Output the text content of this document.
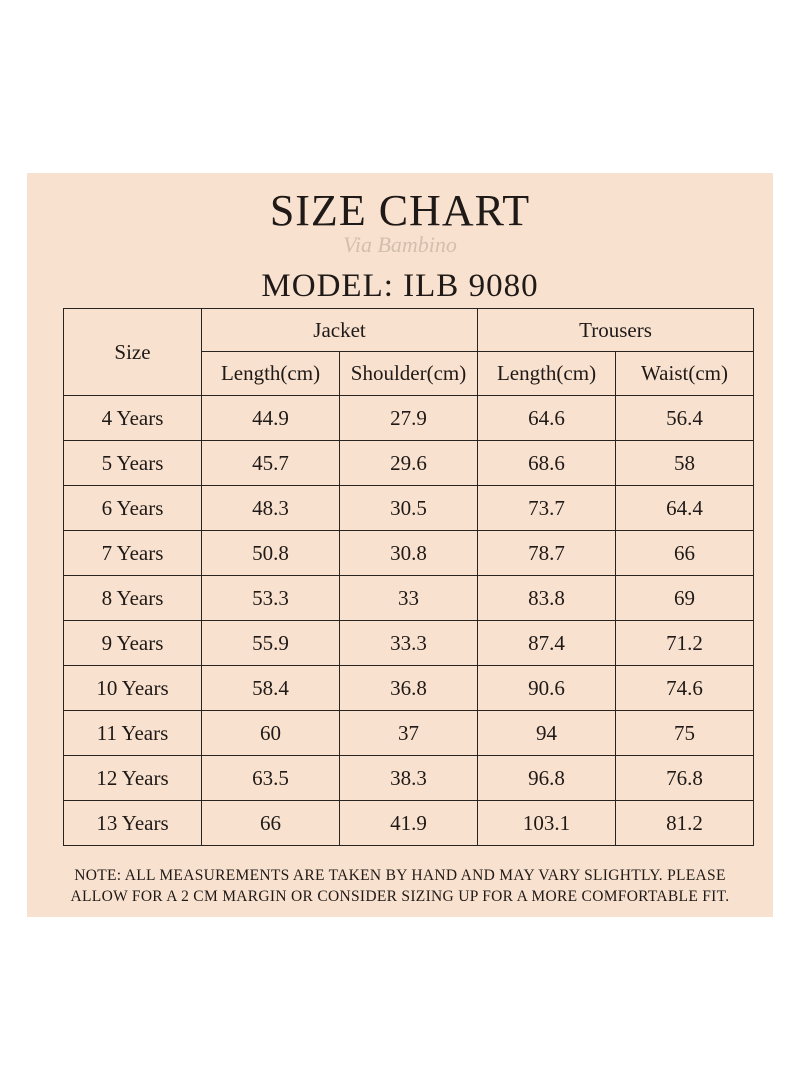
SIZE CHART
Via Bambino
MODEL: ILB 9080
Size	Jacket		Trousers	
	Length(cm)	Shoulder(cm)	Length(cm)	Waist(cm)
4 Years	44.9	27.9	64.6	56.4
5 Years	45.7	29.6	68.6	58
6 Years	48.3	30.5	73.7	64.4
7 Years	50.8	30.8	78.7	66
8 Years	53.3	33	83.8	69
9 Years	55.9	33.3	87.4	71.2
10 Years	58.4	36.8	90.6	74.6
11 Years	60	37	94	75
12 Years	63.5	38.3	96.8	76.8
13 Years	66	41.9	103.1	81.2
NOTE: ALL MEASUREMENTS ARE TAKEN BY HAND AND MAY VARY SLIGHTLY. PLEASE
ALLOW FOR A 2 CM MARGIN OR CONSIDER SIZING UP FOR A MORE COMFORTABLE FIT.
